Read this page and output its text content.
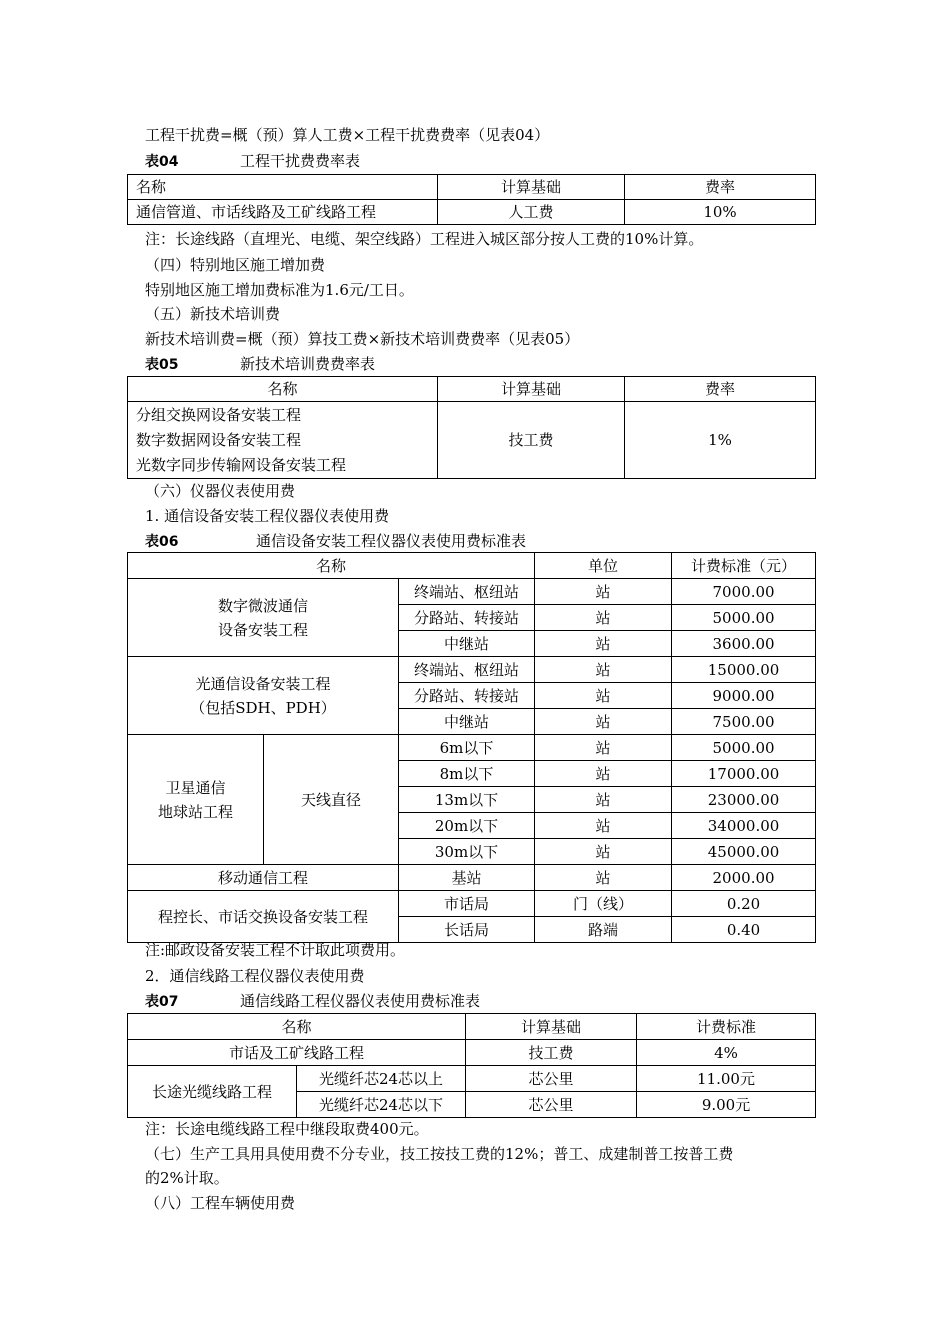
工程干扰费=概（预）算人工费×工程干扰费费率（见表04）
表04	工程干扰费费率表
名称	计算基础	费率
通信管道、市话线路及工矿线路工程	人工费	10%
注：长途线路（直埋光、电缆、架空线路）工程进入城区部分按人工费的10%计算。
（四）特别地区施工增加费
特别地区施工增加费标准为1.6元/工日。
（五）新技术培训费
新技术培训费=概（预）算技工费×新技术培训费费率（见表05）
表05	新技术培训费费率表
名称	计算基础	费率

分组交换网设备安装工程
数字数据网设备安装工程
光数字同步传输网设备安装工程	技工费	1%
（六）仪器仪表使用费
1. 通信设备安装工程仪器仪表使用费
表06	通信设备安装工程仪器仪表使用费标准表
名称			单位	计费标准（元）

数字微波通信
设备安装工程		终端站、枢纽站	站	7000.00
		分路站、转接站	站	5000.00
		中继站	站	3600.00

光通信设备安装工程
（包括SDH、PDH）		终端站、枢纽站	站	15000.00
		分路站、转接站	站	9000.00
		中继站	站	7500.00

卫星通信
地球站工程	天线直径	6m以下	站	5000.00
		8m以下	站	17000.00
		13m以下	站	23000.00
		20m以下	站	34000.00
		30m以下	站	45000.00
移动通信工程		基站	站	2000.00
程控长、市话交换设备安装工程		市话局	门（线）	0.20
		长话局	路端	0.40
注:邮政设备安装工程不计取此项费用。
2．通信线路工程仪器仪表使用费
表07	通信线路工程仪器仪表使用费标准表
名称		计算基础	计费标准
市话及工矿线路工程		技工费	4%
长途光缆线路工程	光缆纤芯24芯以上	芯公里	11.00元
	光缆纤芯24芯以下	芯公里	9.00元
注：长途电缆线路工程中继段取费400元。
（七）生产工具用具使用费不分专业，技工按技工费的12%；普工、成建制普工按普工费
的2%计取。
（八）工程车辆使用费
